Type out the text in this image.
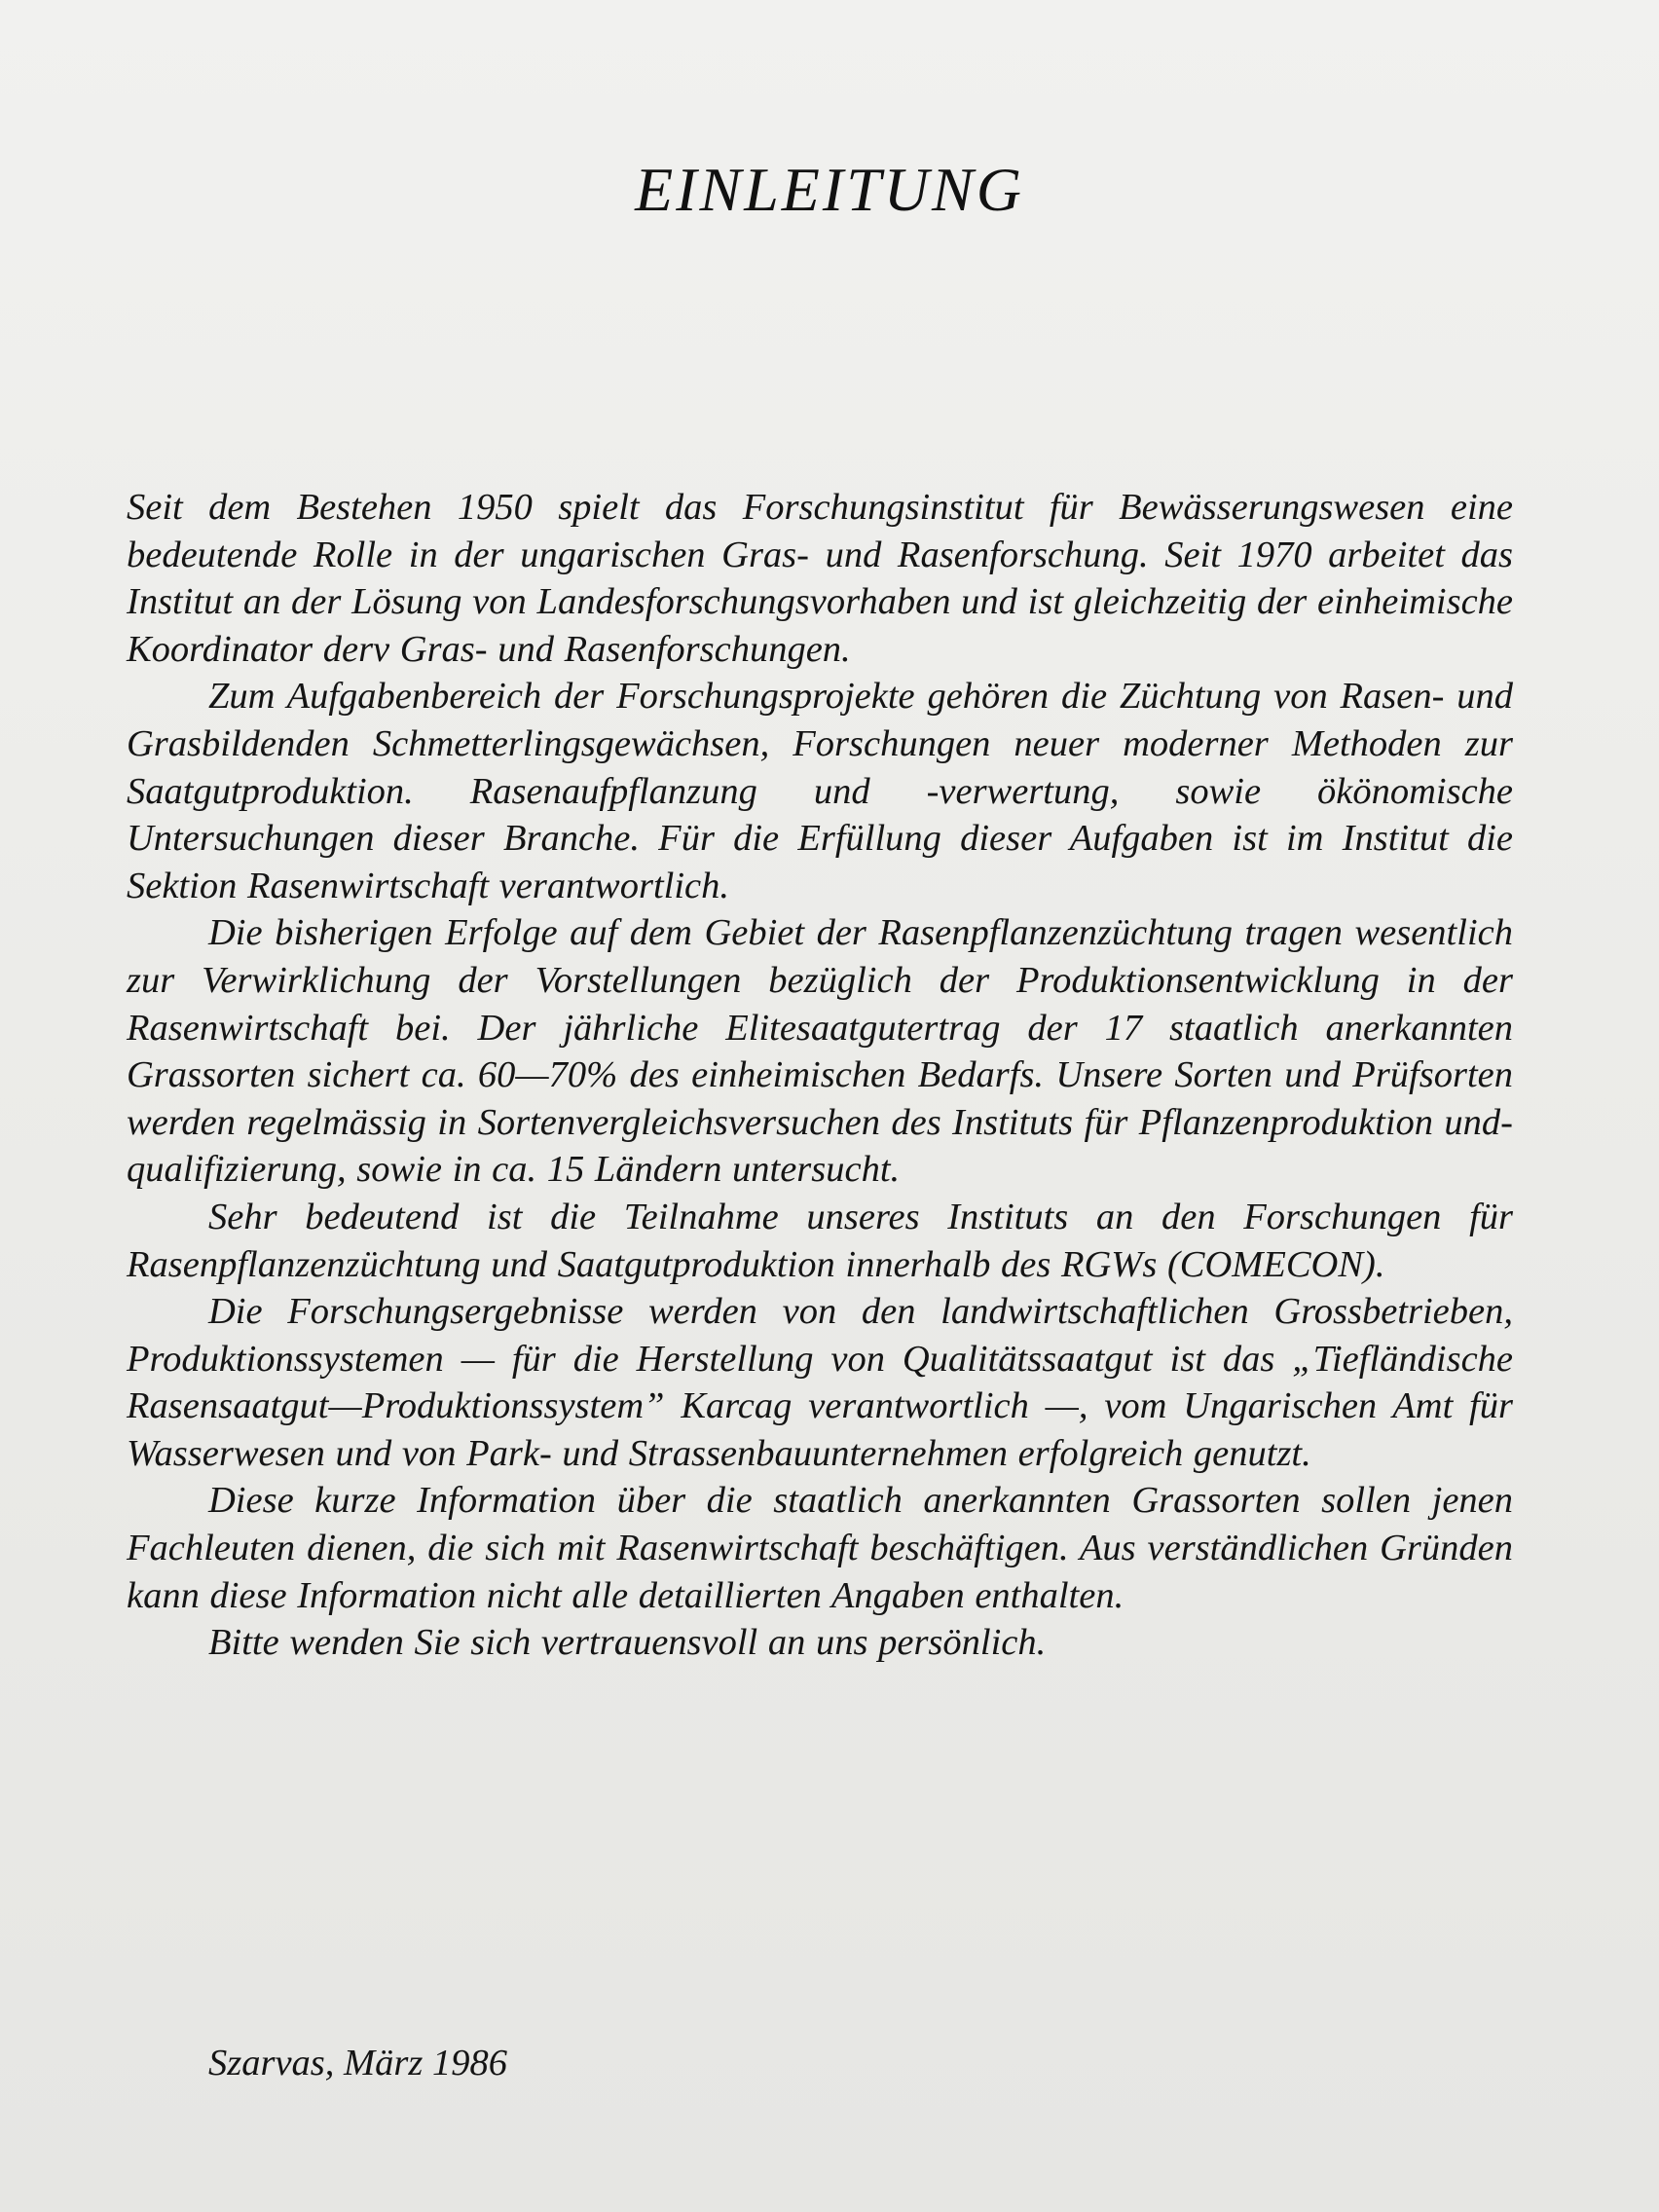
EINLEITUNG

Seit dem Bestehen 1950 spielt das Forschungsinstitut für Bewässerungswesen eine bedeutende Rolle in der ungarischen Gras- und Rasenforschung. Seit 1970 arbeitet das Institut an der Lösung von Landesforschungsvorhaben und ist gleichzeitig der einheimische Koordinator derv Gras- und Rasenforschungen.

Zum Aufgabenbereich der Forschungsprojekte gehören die Züchtung von Rasen- und Grasbildenden Schmetterlingsgewächsen, Forschungen neuer moderner Methoden zur Saatgutproduktion. Rasenaufpflanzung und -verwertung, sowie ökönomische Untersuchungen dieser Branche. Für die Erfüllung dieser Aufgaben ist im Institut die Sektion Rasenwirtschaft verantwortlich.

Die bisherigen Erfolge auf dem Gebiet der Rasenpflanzenzüchtung tragen wesentlich zur Verwirklichung der Vorstellungen bezüglich der Produktionsentwicklung in der Rasenwirtschaft bei. Der jährliche Elitesaatgutertrag der 17 staatlich anerkannten Grassorten sichert ca. 60—70% des einheimischen Bedarfs. Unsere Sorten und Prüfsorten werden regelmässig in Sortenvergleichsversuchen des Instituts für Pflanzenproduktion und-qualifizierung, sowie in ca. 15 Ländern untersucht.

Sehr bedeutend ist die Teilnahme unseres Instituts an den Forschungen für Rasenpflanzenzüchtung und Saatgutproduktion innerhalb des RGWs (COMECON).

Die Forschungsergebnisse werden von den landwirtschaftlichen Grossbetrieben, Produktionssystemen — für die Herstellung von Qualitätssaatgut ist das „Tiefländische Rasensaatgut—Produktionssystem” Karcag verantwortlich —, vom Ungarischen Amt für Wasserwesen und von Park- und Strassenbauunternehmen erfolgreich genutzt.

Diese kurze Information über die staatlich anerkannten Grassorten sollen jenen Fachleuten dienen, die sich mit Rasenwirtschaft beschäftigen. Aus verständlichen Gründen kann diese Information nicht alle detaillierten Angaben enthalten.

Bitte wenden Sie sich vertrauensvoll an uns persönlich.

Szarvas, März 1986
